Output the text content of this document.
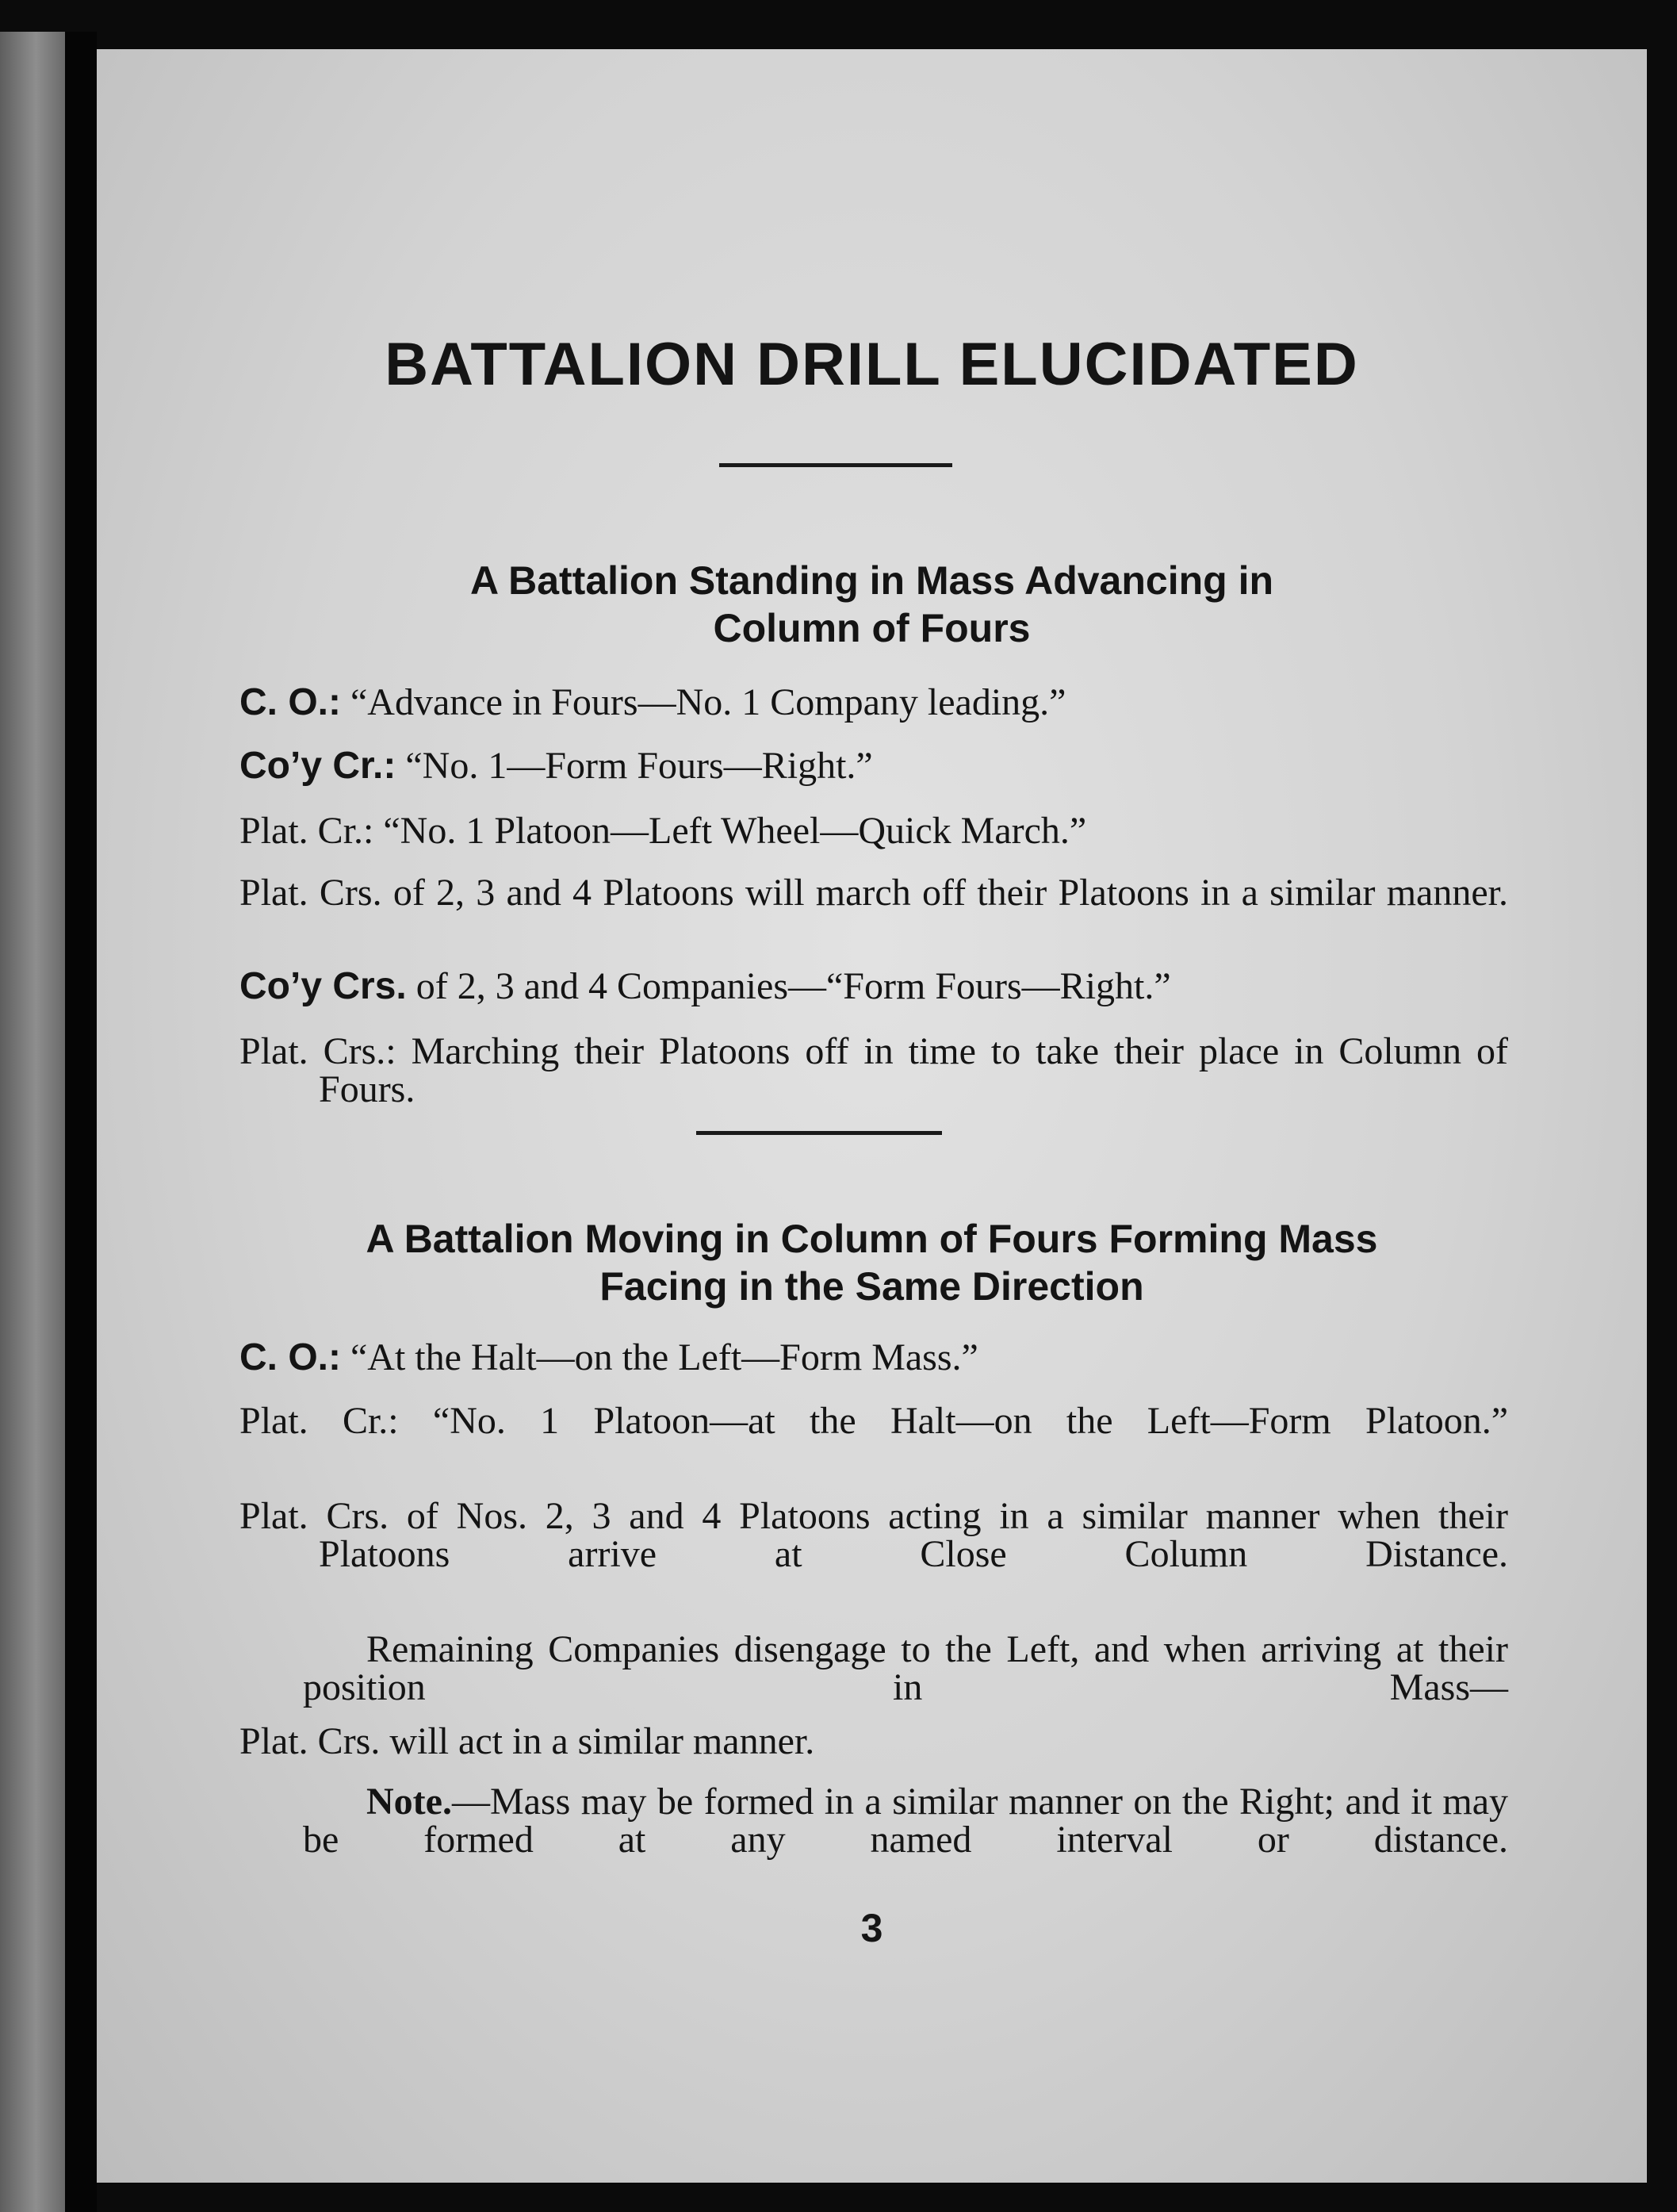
BATTALION DRILL ELUCIDATED
A Battalion Standing in Mass Advancing in
Column of Fours

C. O.: “Advance in Fours—No. 1 Company leading.”

Co’y Cr.: “No. 1—Form Fours—Right.”

Plat. Cr.: “No. 1 Platoon—Left Wheel—Quick March.”

Plat. Crs. of 2, 3 and 4 Platoons will march off their Platoons in a similar manner.

Co’y Crs. of 2, 3 and 4 Companies—“Form Fours—Right.”

Plat. Crs.: Marching their Platoons off in time to take their place in Column of Fours.

A Battalion Moving in Column of Fours Forming Mass
Facing in the Same Direction

C. O.: “At the Halt—on the Left—Form Mass.”

Plat. Cr.: “No. 1 Platoon—at the Halt—on the Left—Form Platoon.”

Plat. Crs. of Nos. 2, 3 and 4 Platoons acting in a similar manner when their Platoons arrive at Close Column Distance.

Remaining Companies disengage to the Left, and when arriving at their position in Mass—

Plat. Crs. will act in a similar manner.

Note.—Mass may be formed in a similar manner on the Right; and it may be formed at any named interval or distance.

3
